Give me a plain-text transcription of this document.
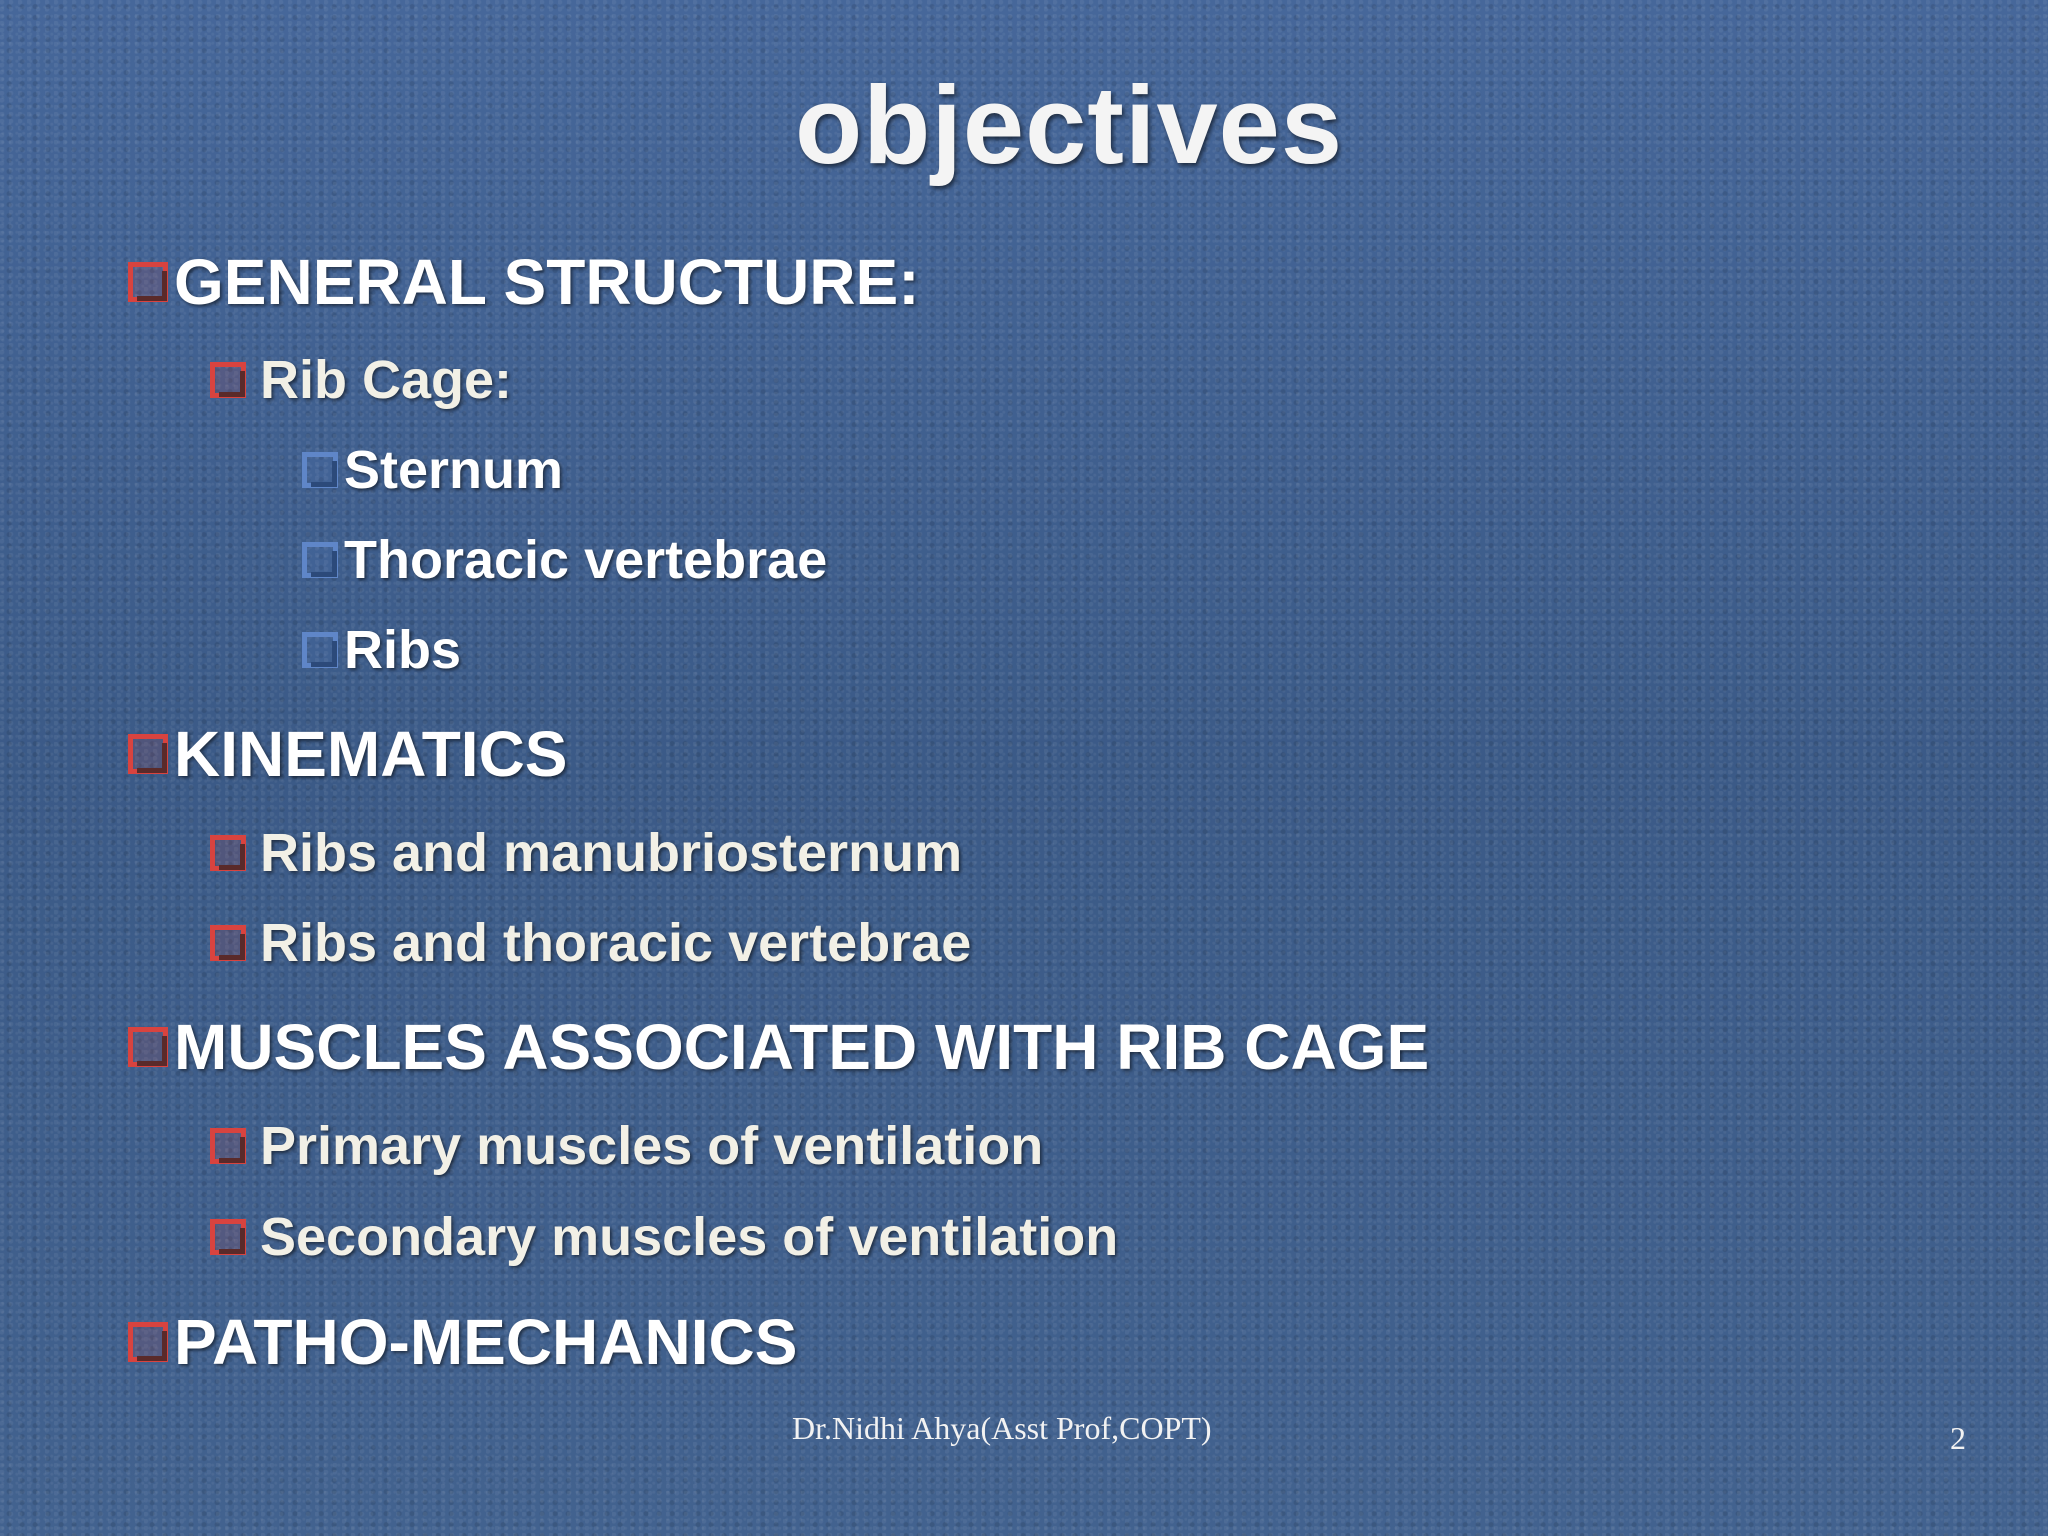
objectives
GENERAL STRUCTURE:
Rib Cage:
Sternum
Thoracic vertebrae
Ribs
KINEMATICS
Ribs and manubriosternum
Ribs and thoracic vertebrae
MUSCLES ASSOCIATED WITH RIB CAGE
Primary muscles of ventilation
Secondary muscles of ventilation
PATHO-MECHANICS
Dr.Nidhi Ahya(Asst Prof,COPT)	2
